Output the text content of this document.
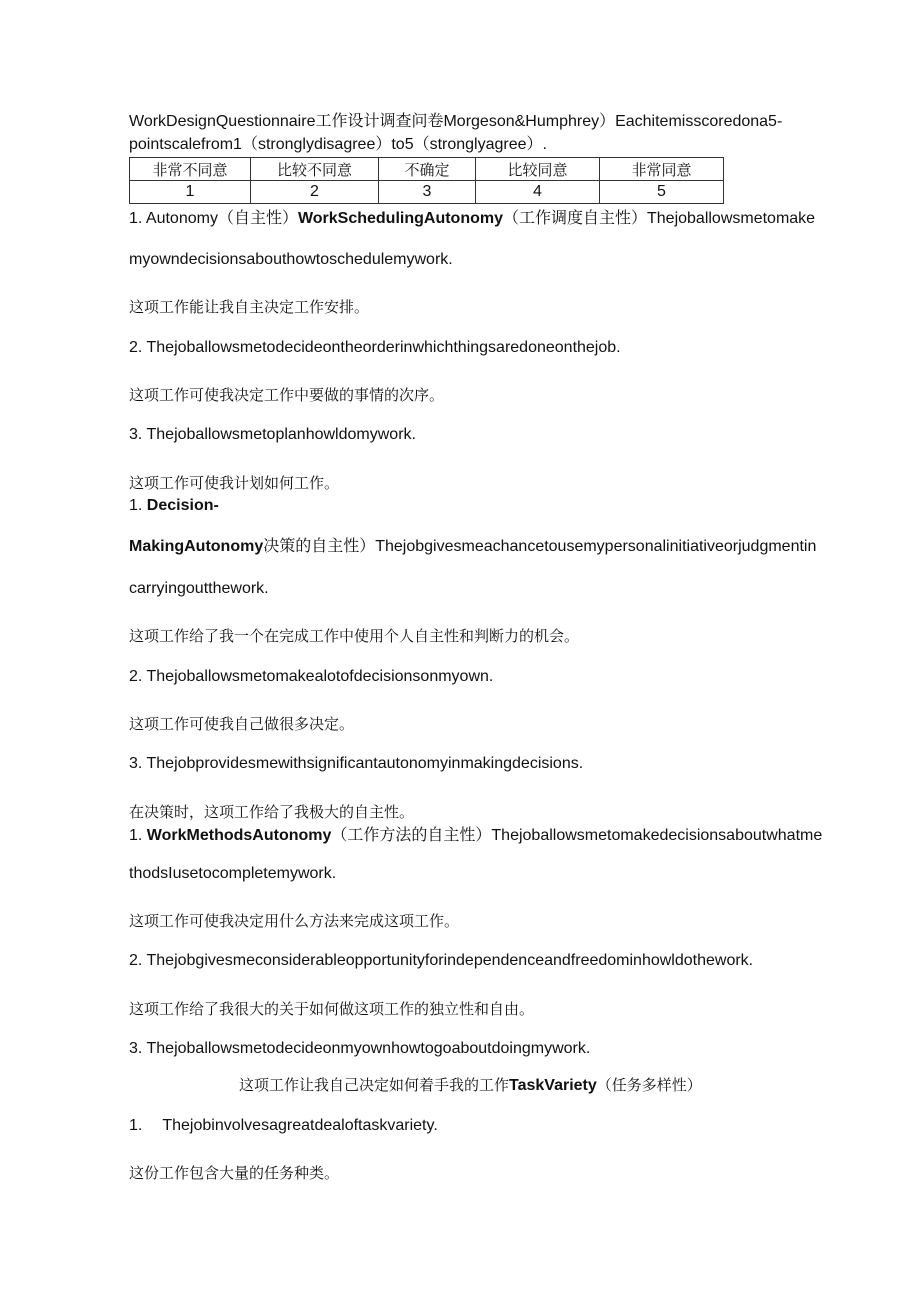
WorkDesignQuestionnaire工作设计调查问卷Morgeson&Humphrey）Eachitemisscoredona5-
pointscalefrom1（stronglydisagree）to5（stronglyagree）.
非常不同意	比较不同意	不确定	比较同意	非常同意
1	2	3	4	5
1. Autonomy（自主性）WorkSchedulingAutonomy（工作调度自主性）Thejoballowsmetomake
myowndecisionsabouthowtoschedulemywork.
这项工作能让我自主决定工作安排。
2. Thejoballowsmetodecideontheorderinwhichthingsaredoneonthejob.
这项工作可使我决定工作中要做的事情的次序。
3. Thejoballowsmetoplanhowldomywork.
这项工作可使我计划如何工作。
1. Decision-
MakingAutonomy决策的自主性）Thejobgivesmeachancetousemypersonalinitiativeorjudgmentin
carryingoutthework.
这项工作给了我一个在完成工作中使用个人自主性和判断力的机会。
2. Thejoballowsmetomakealotofdecisionsonmyown.
这项工作可使我自己做很多决定。
3. Thejobprovidesmewithsignificantautonomyinmakingdecisions.
在决策时，这项工作给了我极大的自主性。
1. WorkMethodsAutonomy（工作方法的自主性）Thejoballowsmetomakedecisionsaboutwhatme
thodsIusetocompletemywork.
这项工作可使我决定用什么方法来完成这项工作。
2. Thejobgivesmeconsiderableopportunityforindependenceandfreedominhowldothework.
这项工作给了我很大的关于如何做这项工作的独立性和自由。
3. Thejoballowsmetodecideonmyownhowtogoaboutdoingmywork.
这项工作让我自己决定如何着手我的工作TaskVariety（任务多样性）
1. Thejobinvolvesagreatdealoftaskvariety.
这份工作包含大量的任务种类。
